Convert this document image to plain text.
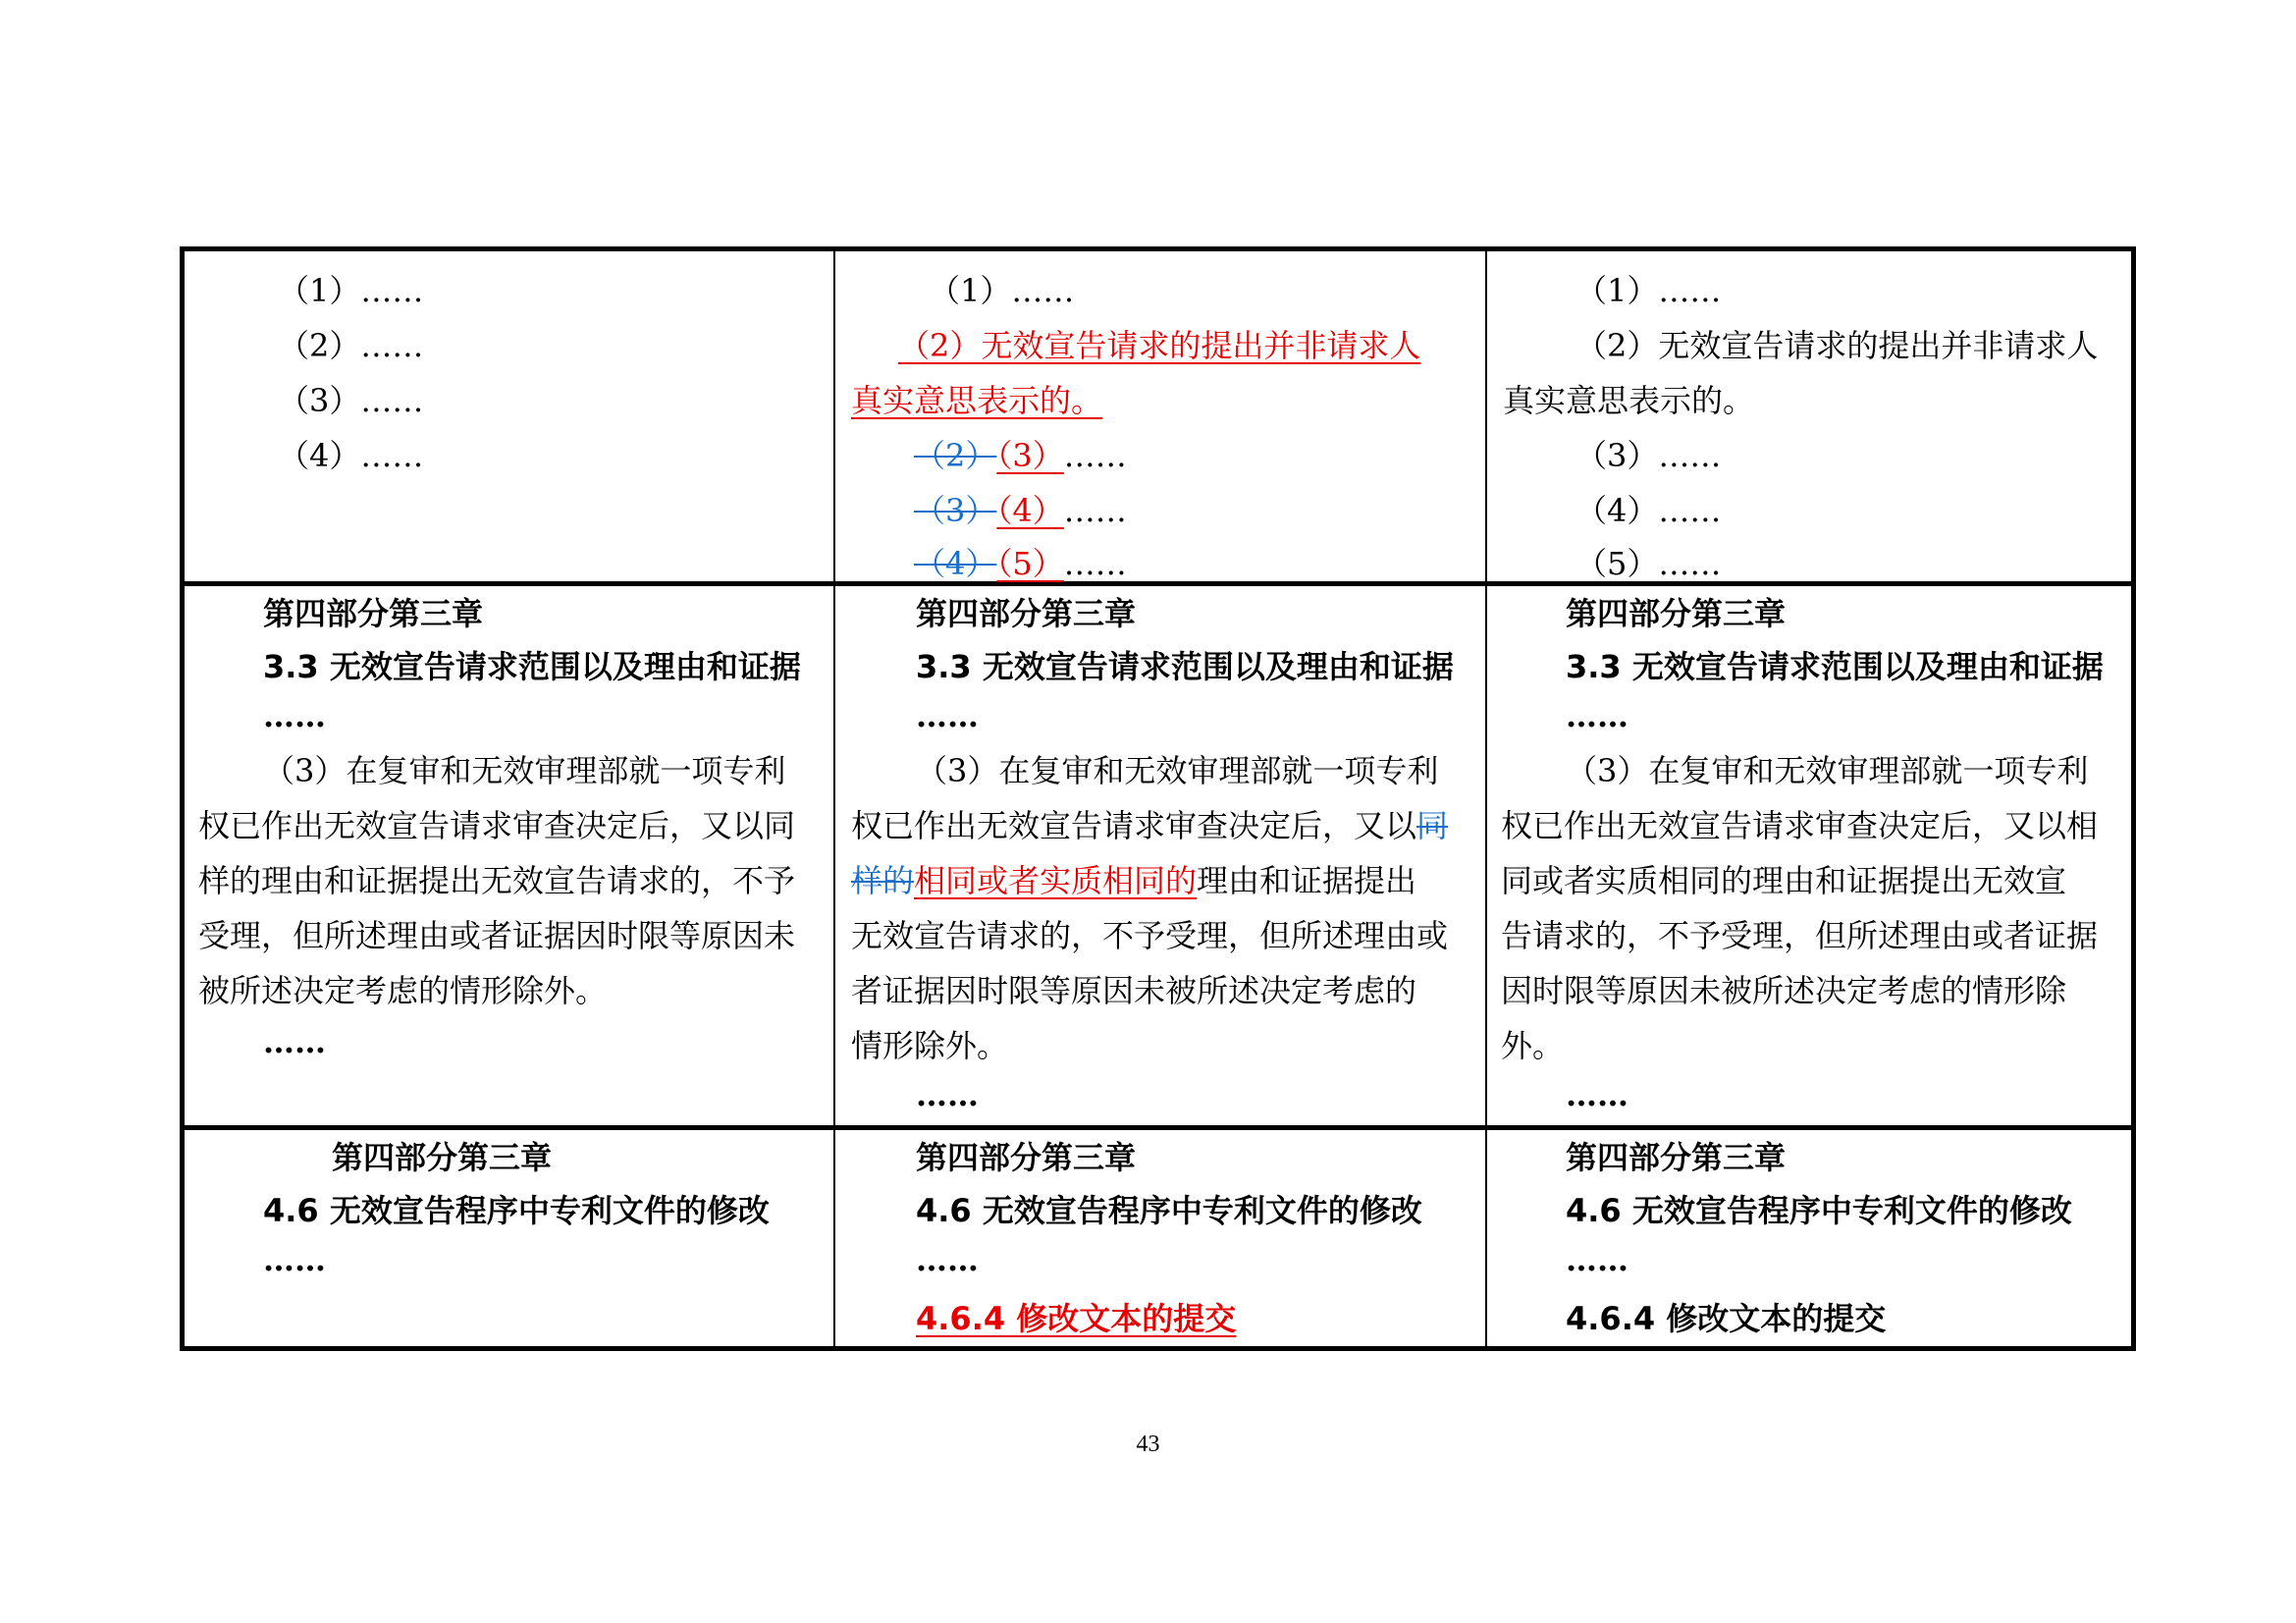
（1）……
（2）……
（3）……
（4）……
（1）……
（2）无效宣告请求的提出并非请求人
真实意思表示的。
（2）（3）……
（3）（4）……
（4）（5）……
（1）……
（2）无效宣告请求的提出并非请求人
真实意思表示的。
（3）……
（4）……
（5）……
第四部分第三章
3.3 无效宣告请求范围以及理由和证据
……
（3）在复审和无效审理部就一项专利
权已作出无效宣告请求审查决定后，又以同
样的理由和证据提出无效宣告请求的，不予
受理，但所述理由或者证据因时限等原因未
被所述决定考虑的情形除外。
……
第四部分第三章
3.3 无效宣告请求范围以及理由和证据
……
（3）在复审和无效审理部就一项专利
权已作出无效宣告请求审查决定后，又以同
样的相同或者实质相同的理由和证据提出
无效宣告请求的，不予受理，但所述理由或
者证据因时限等原因未被所述决定考虑的
情形除外。
……
第四部分第三章
3.3 无效宣告请求范围以及理由和证据
……
（3）在复审和无效审理部就一项专利
权已作出无效宣告请求审查决定后，又以相
同或者实质相同的理由和证据提出无效宣
告请求的，不予受理，但所述理由或者证据
因时限等原因未被所述决定考虑的情形除
外。
……
第四部分第三章
4.6 无效宣告程序中专利文件的修改
……
第四部分第三章
4.6 无效宣告程序中专利文件的修改
……
4.6.4 修改文本的提交
第四部分第三章
4.6 无效宣告程序中专利文件的修改
……
4.6.4 修改文本的提交
43
